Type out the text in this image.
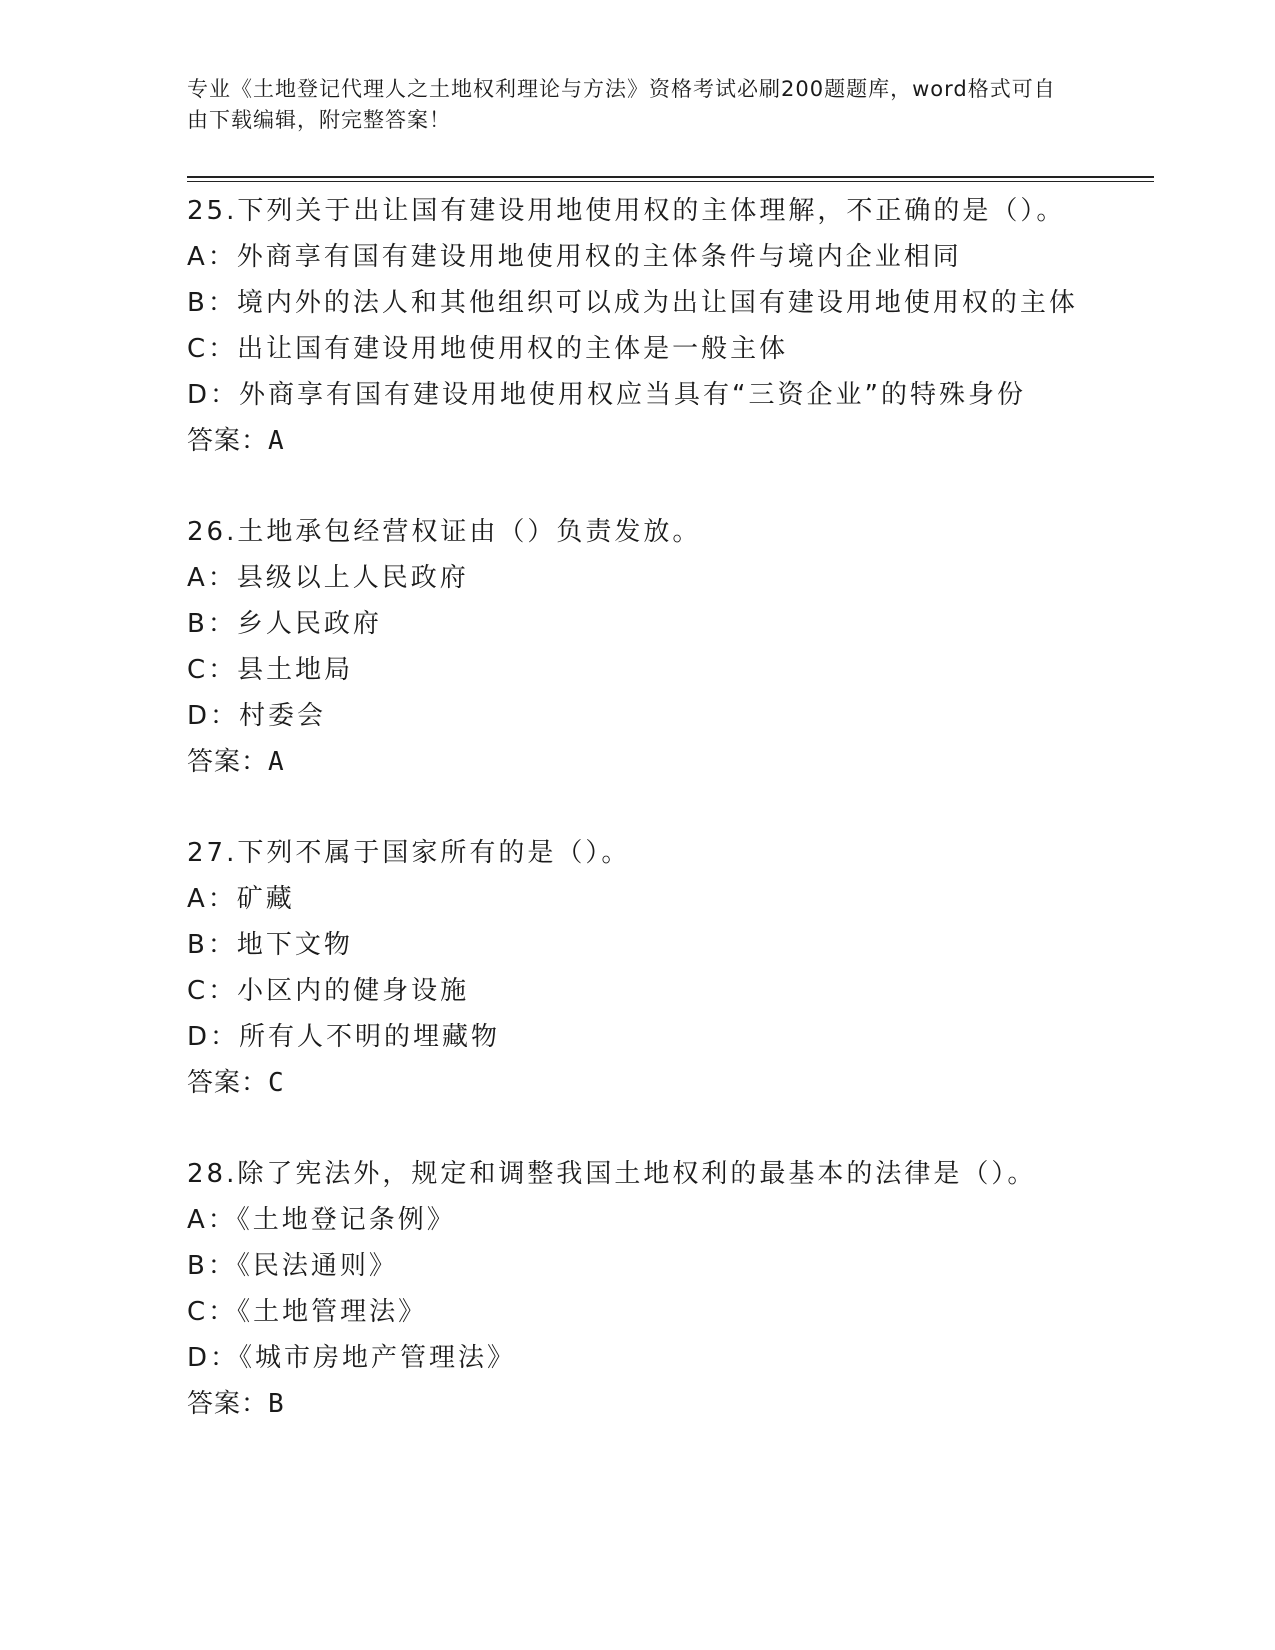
专业《土地登记代理人之土地权利理论与方法》资格考试必刷200题题库，word格式可自由下载编辑，附完整答案！

25.下列关于出让国有建设用地使用权的主体理解，不正确的是（）。

A：外商享有国有建设用地使用权的主体条件与境内企业相同

B：境内外的法人和其他组织可以成为出让国有建设用地使用权的主体

C：出让国有建设用地使用权的主体是一般主体

D：外商享有国有建设用地使用权应当具有“三资企业”的特殊身份

答案：A

26.土地承包经营权证由（）负责发放。

A：县级以上人民政府

B：乡人民政府

C：县土地局

D：村委会

答案：A

27.下列不属于国家所有的是（）。

A：矿藏

B：地下文物

C：小区内的健身设施

D：所有人不明的埋藏物

答案：C

28.除了宪法外，规定和调整我国土地权利的最基本的法律是（）。

A：《土地登记条例》

B：《民法通则》

C：《土地管理法》

D：《城市房地产管理法》

答案：B
